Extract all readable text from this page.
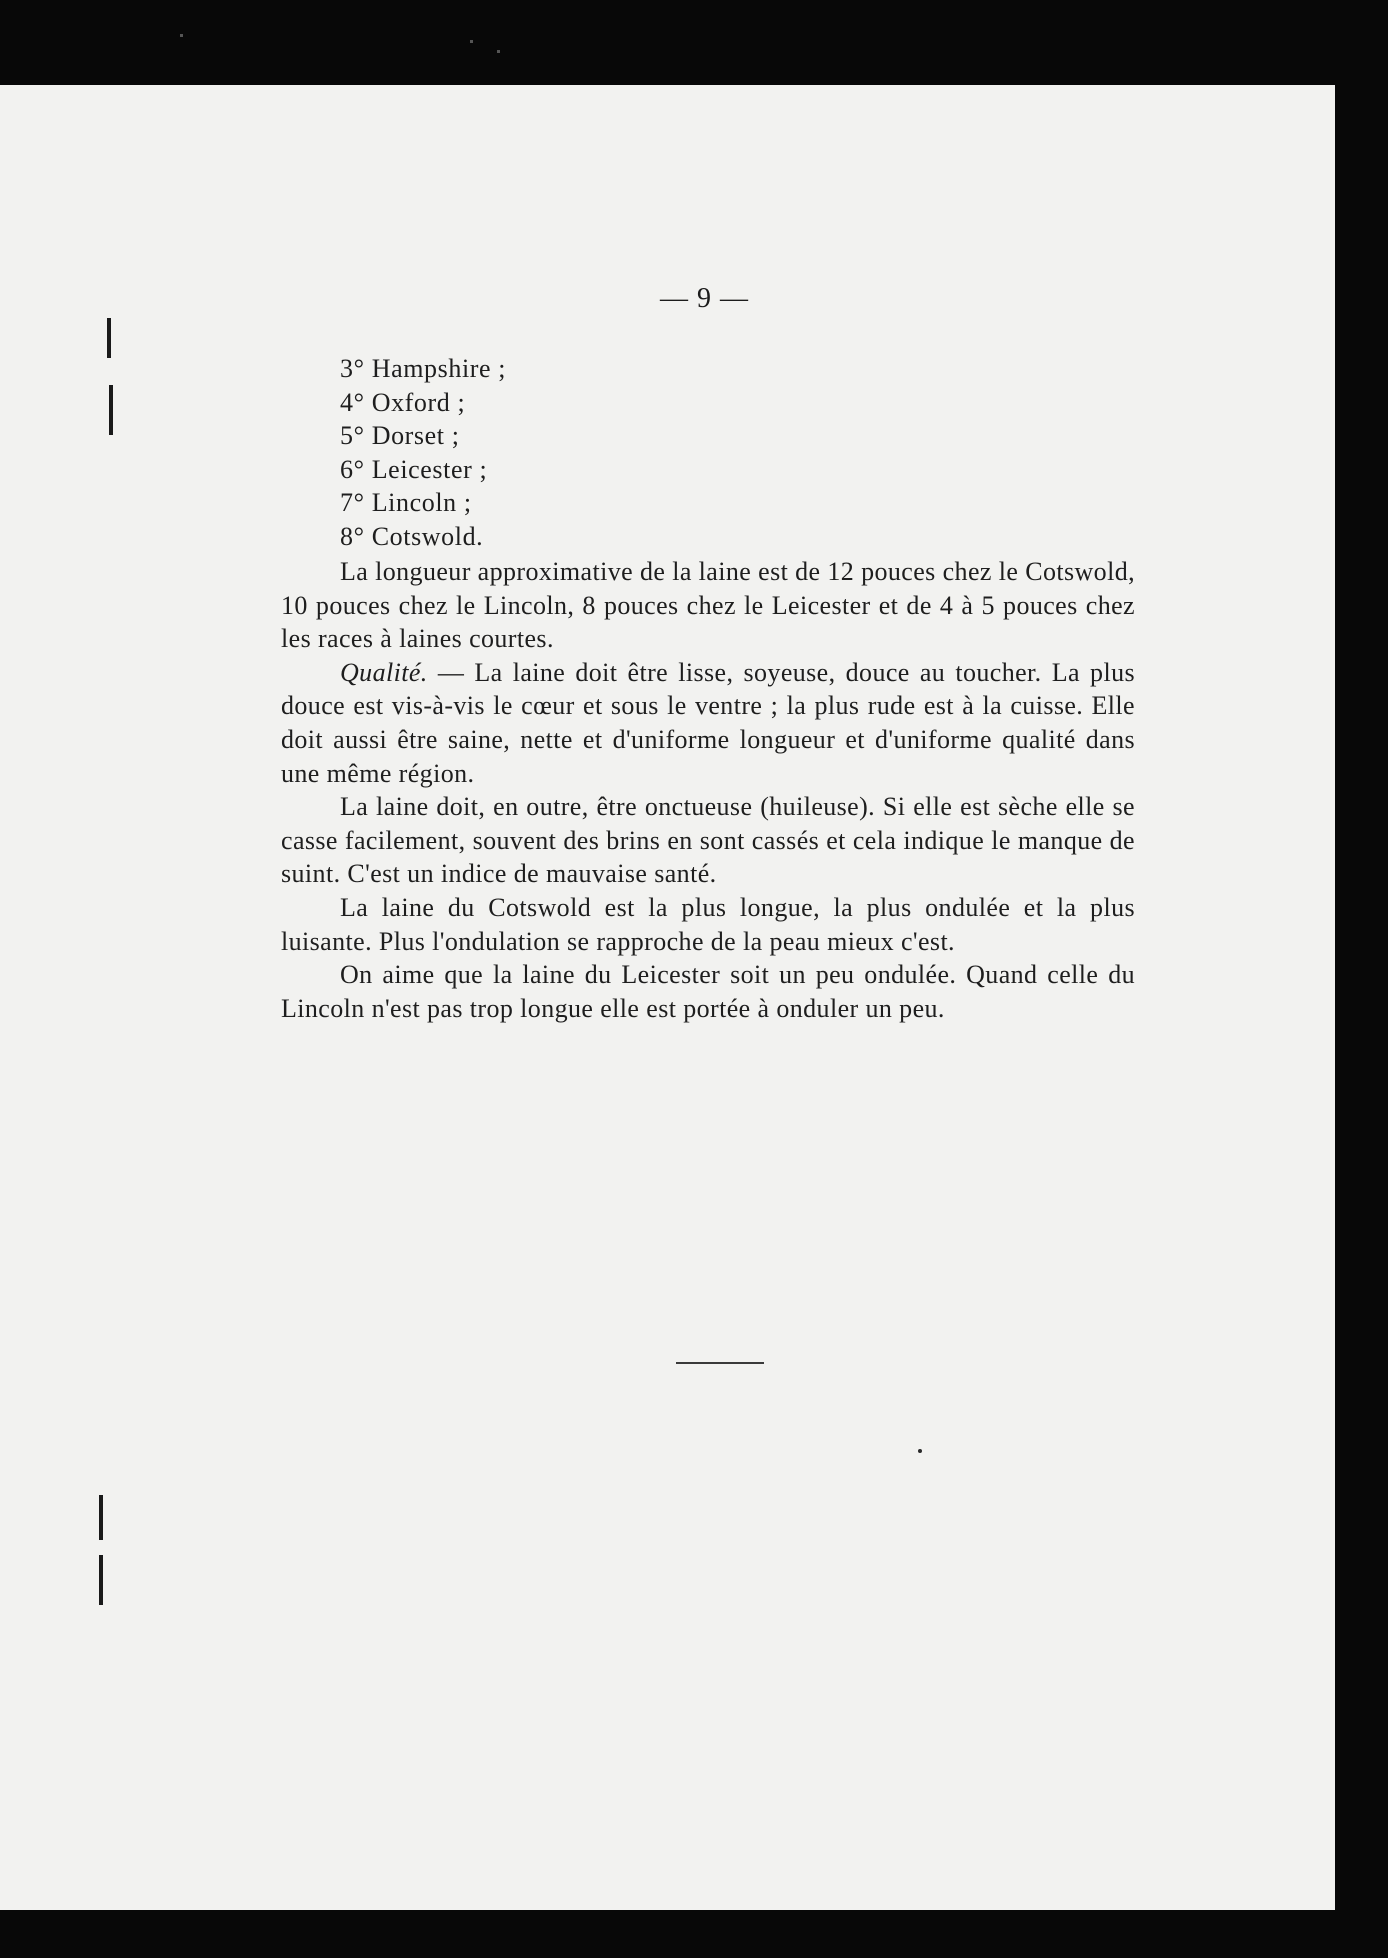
— 9 —
3° Hampshire ;
4° Oxford ;
5° Dorset ;
6° Leicester ;
7° Lincoln ;
8° Cotswold.

La longueur approximative de la laine est de 12 pouces chez le Cotswold, 10 pouces chez le Lincoln, 8 pouces chez le Leicester et de 4 à 5 pouces chez les races à laines courtes.

Qualité. — La laine doit être lisse, soyeuse, douce au toucher. La plus douce est vis-à-vis le cœur et sous le ventre ; la plus rude est à la cuisse. Elle doit aussi être saine, nette et d'uniforme longueur et d'uniforme qualité dans une même région.

La laine doit, en outre, être onctueuse (huileuse). Si elle est sèche elle se casse facilement, souvent des brins en sont cassés et cela indique le manque de suint. C'est un indice de mauvaise santé.

La laine du Cotswold est la plus longue, la plus ondulée et la plus luisante. Plus l'ondulation se rapproche de la peau mieux c'est.

On aime que la laine du Leicester soit un peu ondulée. Quand celle du Lincoln n'est pas trop longue elle est portée à onduler un peu.
